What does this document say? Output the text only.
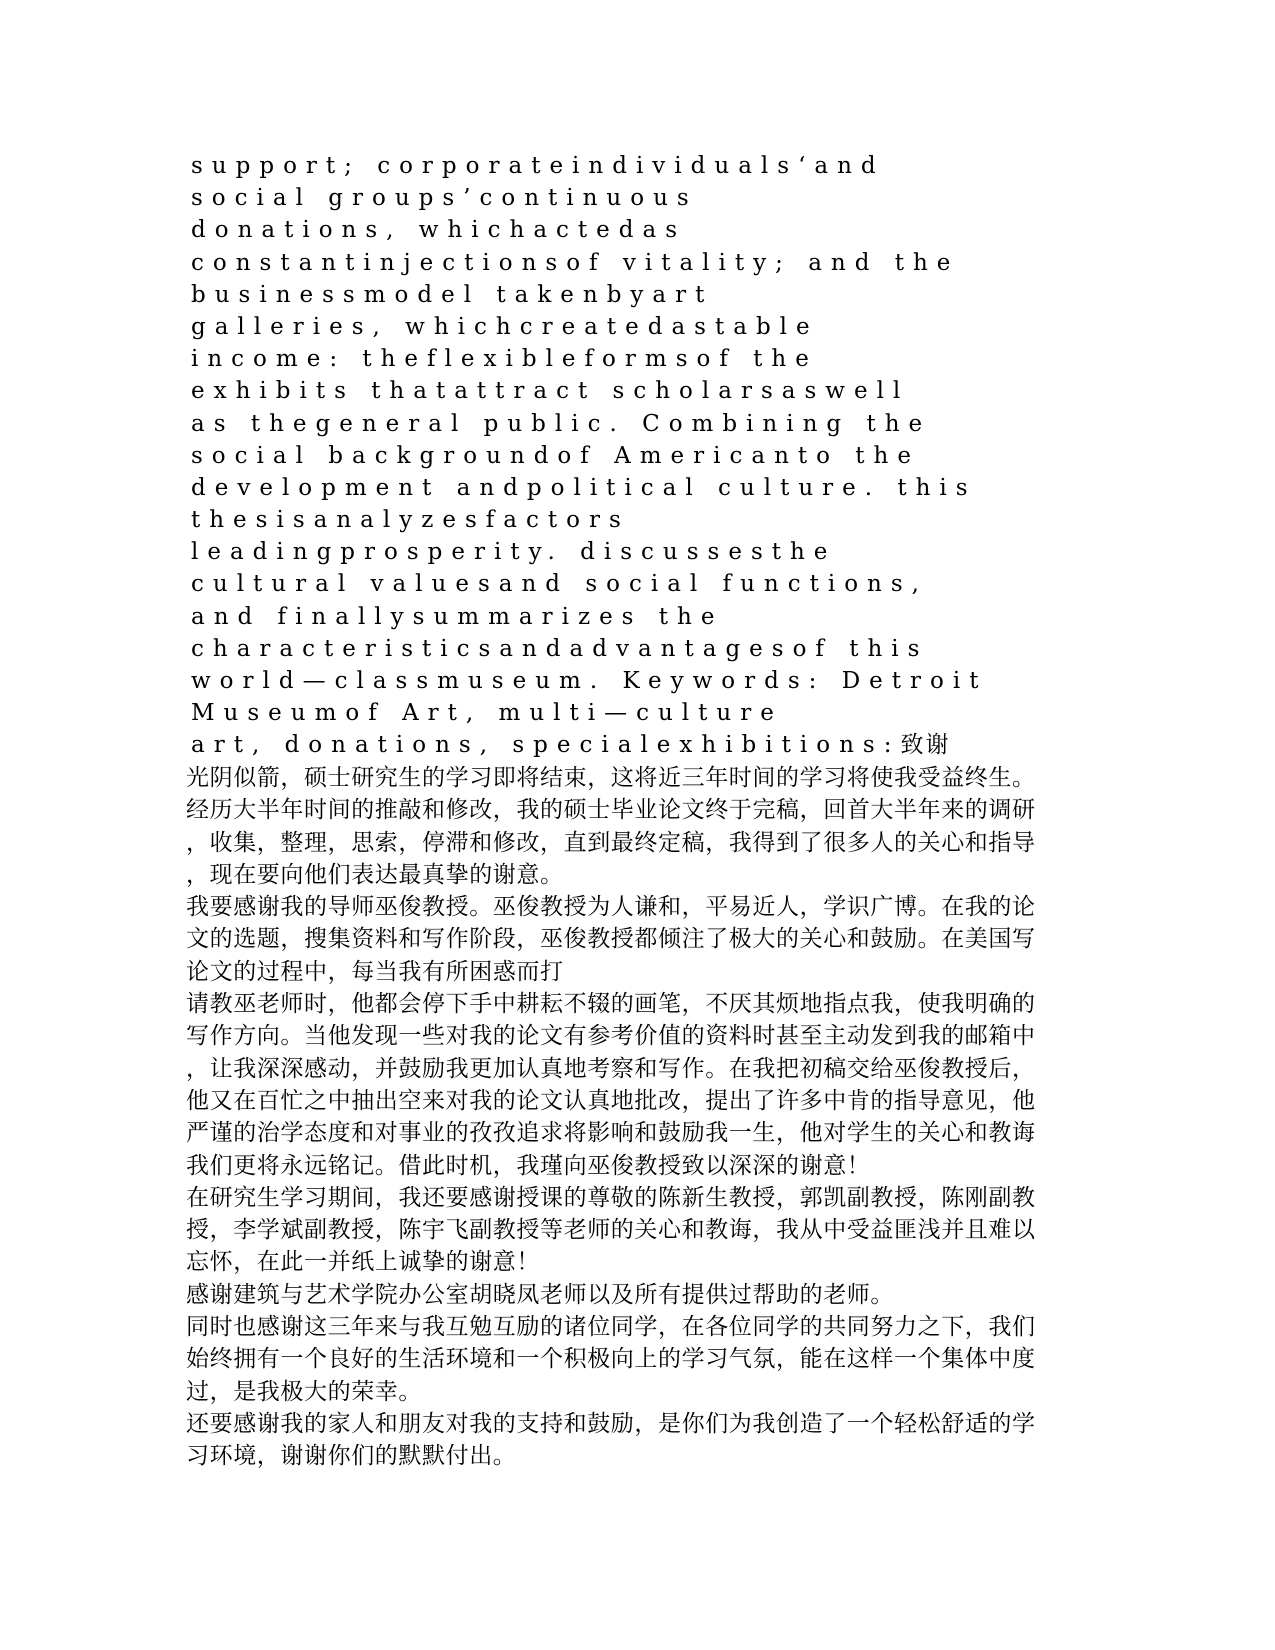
support; corporateindividuals‘and
social groups’continuous
donations, whichactedas
constantinjectionsof vitality; and the
businessmodel takenbyart
galleries, whichcreatedastable
income: theflexibleformsof the
exhibits thatattract scholarsaswell
as thegeneral public. Combining the
social backgroundof Americanto the
development andpolitical culture. this
thesisanalyzesfactors
leadingprosperity. discussesthe
cultural valuesand social functions,
and finallysummarizes the
characteristicsandadvantagesof this
world—classmuseum. Keywords: Detroit
Museumof Art, multi—culture
art, donations, specialexhibitions:致谢
光阴似箭，硕士研究生的学习即将结束，这将近三年时间的学习将使我受益终生。
经历大半年时间的推敲和修改，我的硕士毕业论文终于完稿，回首大半年来的调研
，收集，整理，思索，停滞和修改，直到最终定稿，我得到了很多人的关心和指导
，现在要向他们表达最真挚的谢意。
我要感谢我的导师巫俊教授。巫俊教授为人谦和，平易近人，学识广博。在我的论
文的选题，搜集资料和写作阶段，巫俊教授都倾注了极大的关心和鼓励。在美国写
论文的过程中，每当我有所困惑而打
请教巫老师时，他都会停下手中耕耘不辍的画笔，不厌其烦地指点我，使我明确的
写作方向。当他发现一些对我的论文有参考价值的资料时甚至主动发到我的邮箱中
，让我深深感动，并鼓励我更加认真地考察和写作。在我把初稿交给巫俊教授后，
他又在百忙之中抽出空来对我的论文认真地批改，提出了许多中肯的指导意见，他
严谨的治学态度和对事业的孜孜追求将影响和鼓励我一生，他对学生的关心和教诲
我们更将永远铭记。借此时机，我瑾向巫俊教授致以深深的谢意！
在研究生学习期间，我还要感谢授课的尊敬的陈新生教授，郭凯副教授，陈刚副教
授，李学斌副教授，陈宇飞副教授等老师的关心和教诲，我从中受益匪浅并且难以
忘怀，在此一并纸上诚挚的谢意！
感谢建筑与艺术学院办公室胡晓凤老师以及所有提供过帮助的老师。
同时也感谢这三年来与我互勉互励的诸位同学，在各位同学的共同努力之下，我们
始终拥有一个良好的生活环境和一个积极向上的学习气氛，能在这样一个集体中度
过，是我极大的荣幸。
还要感谢我的家人和朋友对我的支持和鼓励，是你们为我创造了一个轻松舒适的学
习环境，谢谢你们的默默付出。
